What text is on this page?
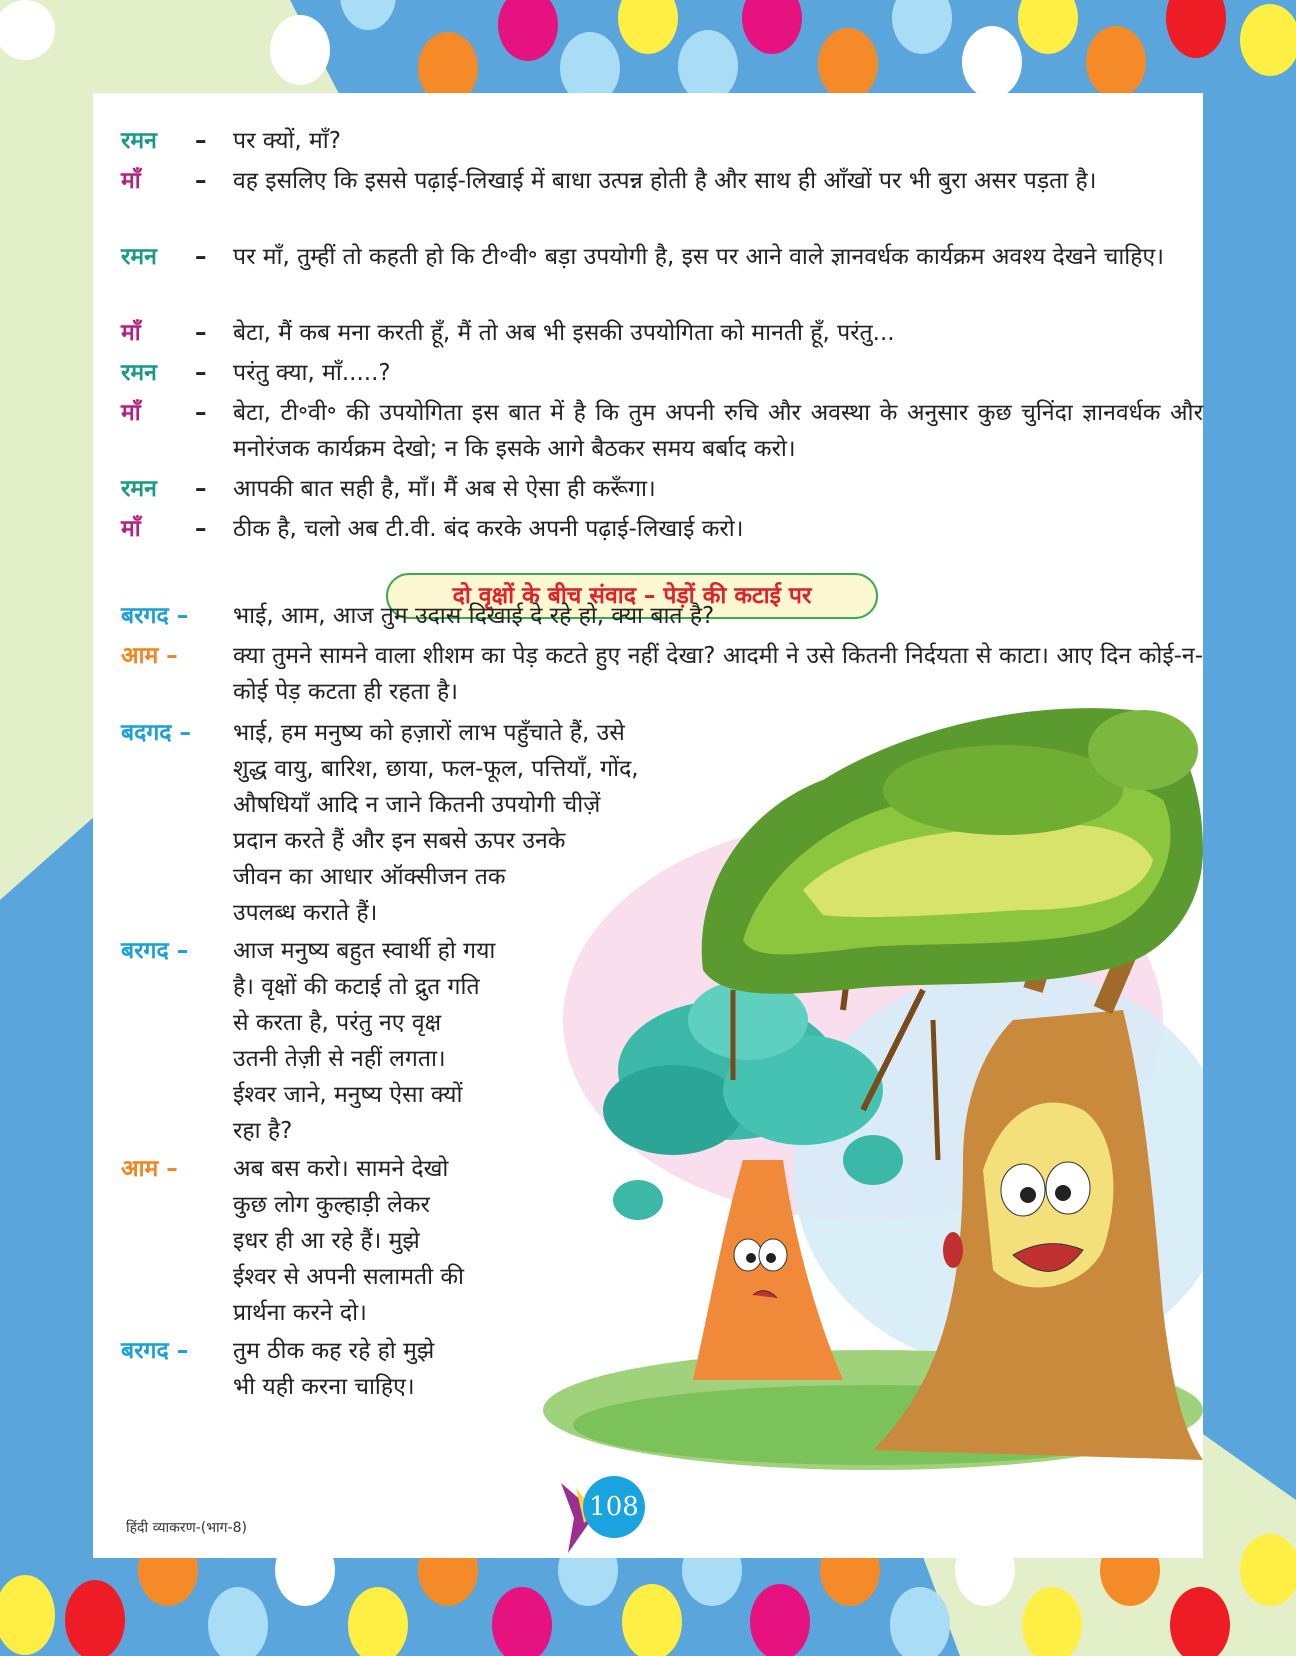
रमन – पर क्यों, माँ?
माँ – वह इसलिए कि इससे पढ़ाई-लिखाई में बाधा उत्पन्न होती है और साथ ही आँखों पर भी बुरा असर पड़ता है।
रमन – पर माँ, तुम्हीं तो कहती हो कि टी॰वी॰ बड़ा उपयोगी है, इस पर आने वाले ज्ञानवर्धक कार्यक्रम अवश्य देखने चाहिए।
माँ – बेटा, मैं कब मना करती हूँ, मैं तो अब भी इसकी उपयोगिता को मानती हूँ, परंतु...
रमन – परंतु क्या, माँ.....?
माँ – बेटा, टी॰वी॰ की उपयोगिता इस बात में है कि तुम अपनी रुचि और अवस्था के अनुसार कुछ चुनिंदा ज्ञानवर्धक और मनोरंजक कार्यक्रम देखो; न कि इसके आगे बैठकर समय बर्बाद करो।
रमन – आपकी बात सही है, माँ। मैं अब से ऐसा ही करूँगा।
माँ – ठीक है, चलो अब टी.वी. बंद करके अपनी पढ़ाई-लिखाई करो।
दो वृक्षों के बीच संवाद – पेड़ों की कटाई पर
बरगद – भाई, आम, आज तुम उदास दिखाई दे रहे हो, क्या बात है?
आम – क्या तुमने सामने वाला शीशम का पेड़ कटते हुए नहीं देखा? आदमी ने उसे कितनी निर्दयता से काटा। आए दिन कोई-न-कोई पेड़ कटता ही रहता है।
बदगद – भाई, हम मनुष्य को हज़ारों लाभ पहुँचाते हैं, उसे
शुद्ध वायु, बारिश, छाया, फल-फूल, पत्तियाँ, गोंद,
औषधियाँ आदि न जाने कितनी उपयोगी चीज़ें
प्रदान करते हैं और इन सबसे ऊपर उनके
जीवन का आधार ऑक्सीजन तक
उपलब्ध कराते हैं।
बरगद – आज मनुष्य बहुत स्वार्थी हो गया
है। वृक्षों की कटाई तो द्रुत गति
से करता है, परंतु नए वृक्ष
उतनी तेज़ी से नहीं लगता।
ईश्वर जाने, मनुष्य ऐसा क्यों
रहा है?
आम – अब बस करो। सामने देखो
कुछ लोग कुल्हाड़ी लेकर
इधर ही आ रहे हैं। मुझे
ईश्वर से अपनी सलामती की
प्रार्थना करने दो।
बरगद – तुम ठीक कह रहे हो मुझे
भी यही करना चाहिए।
हिंदी व्याकरण-(भाग-8)
108
